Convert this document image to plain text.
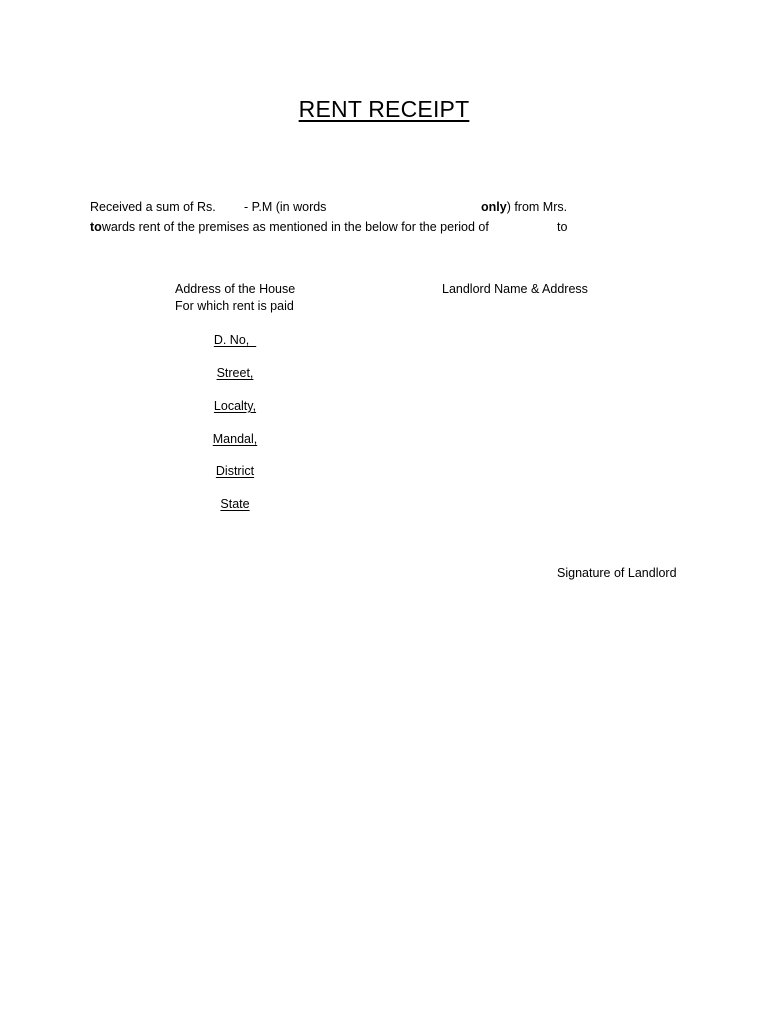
RENT RECEIPT
Received a sum of Rs. - P.M (in words	only) from Mrs.
towards rent of the premises as mentioned in the below for the period of	to
Address of the House
For which rent is paid
Landlord Name & Address
D. No,
Street,
Localty,
Mandal,
District
State
Signature of Landlord
